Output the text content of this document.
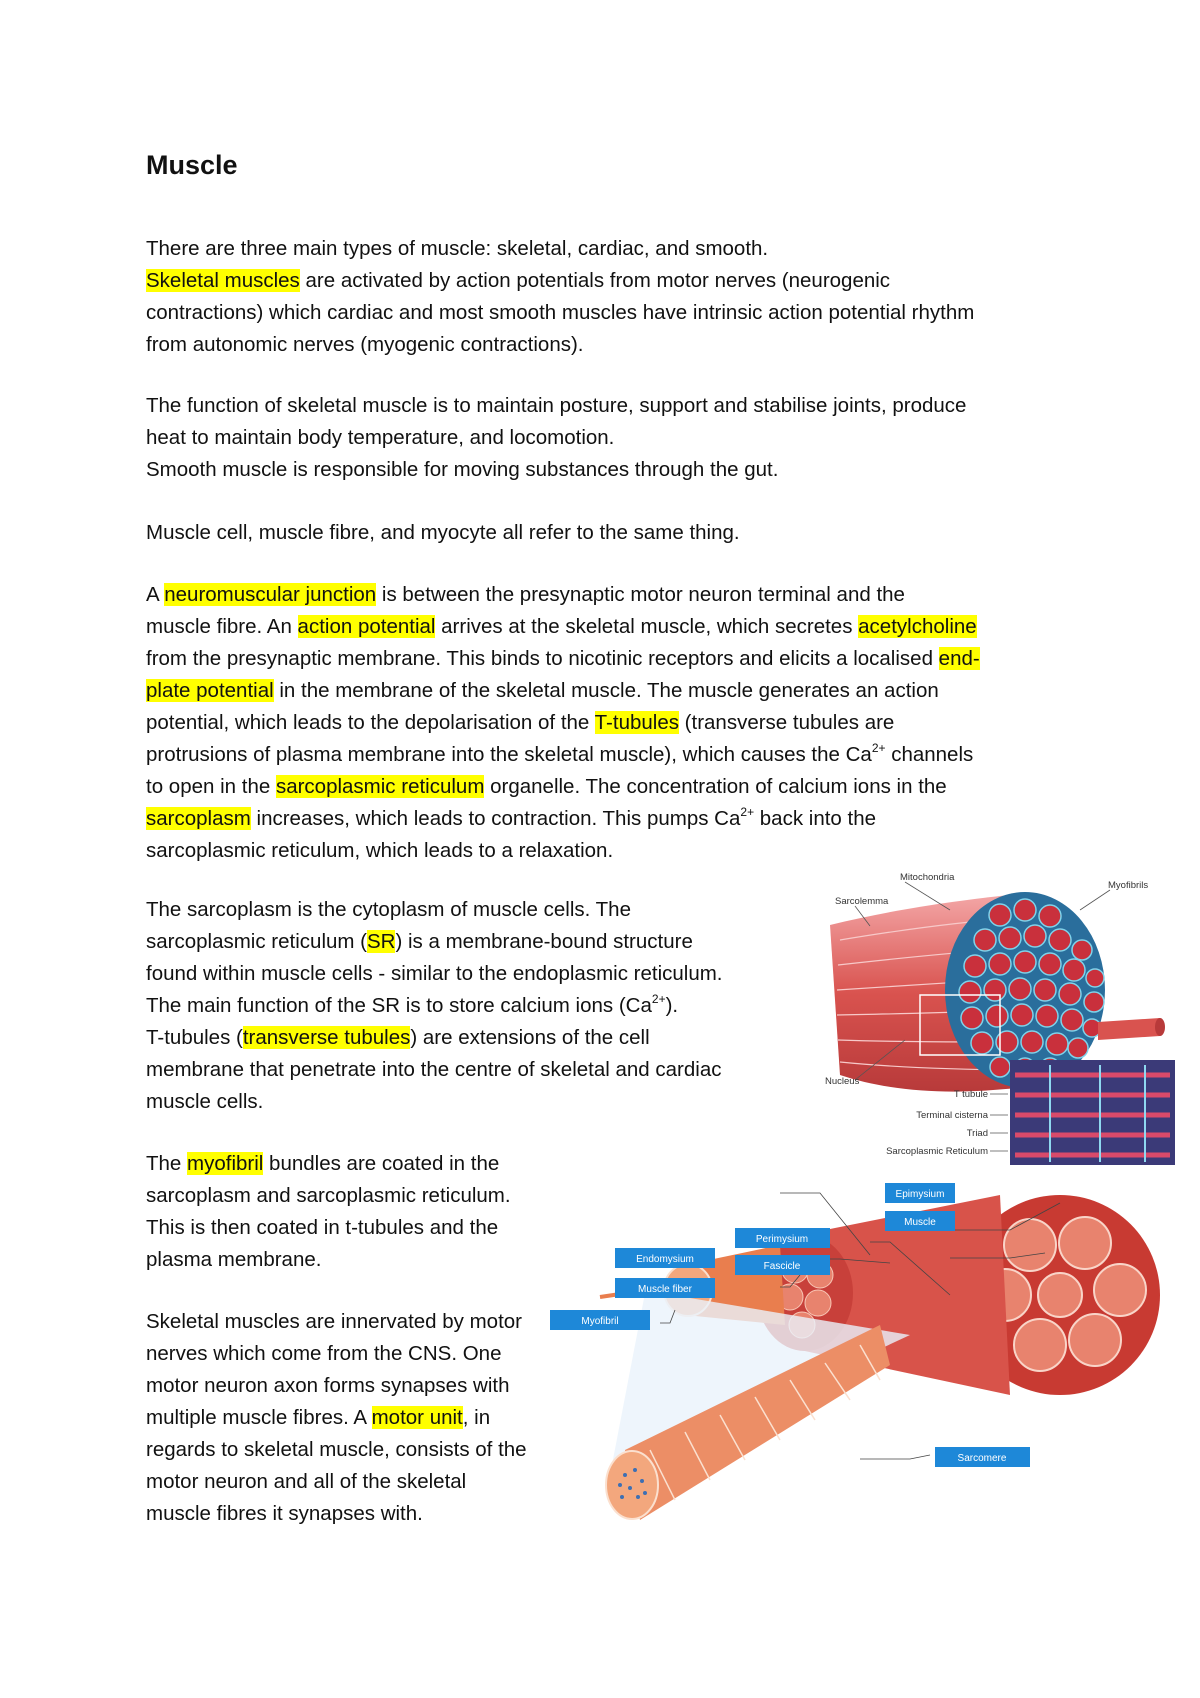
Muscle

There are three main types of muscle: skeletal, cardiac, and smooth.
Skeletal muscles are activated by action potentials from motor nerves (neurogenic
contractions) which cardiac and most smooth muscles have intrinsic action potential rhythm
from autonomic nerves (myogenic contractions).

The function of skeletal muscle is to maintain posture, support and stabilise joints, produce
heat to maintain body temperature, and locomotion.
Smooth muscle is responsible for moving substances through the gut.

Muscle cell, muscle fibre, and myocyte all refer to the same thing.

A neuromuscular junction is between the presynaptic motor neuron terminal and the
muscle fibre. An action potential arrives at the skeletal muscle, which secretes acetylcholine
from the presynaptic membrane. This binds to nicotinic receptors and elicits a localised end-
plate potential in the membrane of the skeletal muscle. The muscle generates an action
potential, which leads to the depolarisation of the T-tubules (transverse tubules are
protrusions of plasma membrane into the skeletal muscle), which causes the $Ca^{2+}$ channels
to open in the sarcoplasmic reticulum organelle. The concentration of calcium ions in the
sarcoplasm increases, which leads to contraction. This pumps $Ca^{2+}$ back into the
sarcoplasmic reticulum, which leads to a relaxation.

The sarcoplasm is the cytoplasm of muscle cells. The
sarcoplasmic reticulum (SR) is a membrane-bound structure
found within muscle cells - similar to the endoplasmic reticulum.
The main function of the SR is to store calcium ions $(Ca^{2+})$.
T-tubules (transverse tubules) are extensions of the cell
membrane that penetrate into the centre of skeletal and cardiac
muscle cells.

The myofibril bundles are coated in the
sarcoplasm and sarcoplasmic reticulum.
This is then coated in t-tubules and the
plasma membrane.

Skeletal muscles are innervated by motor
nerves which come from the CNS. One
motor neuron axon forms synapses with
multiple muscle fibres. A motor unit, in
regards to skeletal muscle, consists of the
motor neuron and all of the skeletal
muscle fibres it synapses with.

Mitochondria
Sarcolemma
Myofibrils
Nucleus
T tubule
Terminal cisterna
Triad
Sarcoplasmic Reticulum
Epimysium
Muscle
Perimysium
Endomysium
Fascicle
Muscle fiber
Myofibril
Sarcomere
